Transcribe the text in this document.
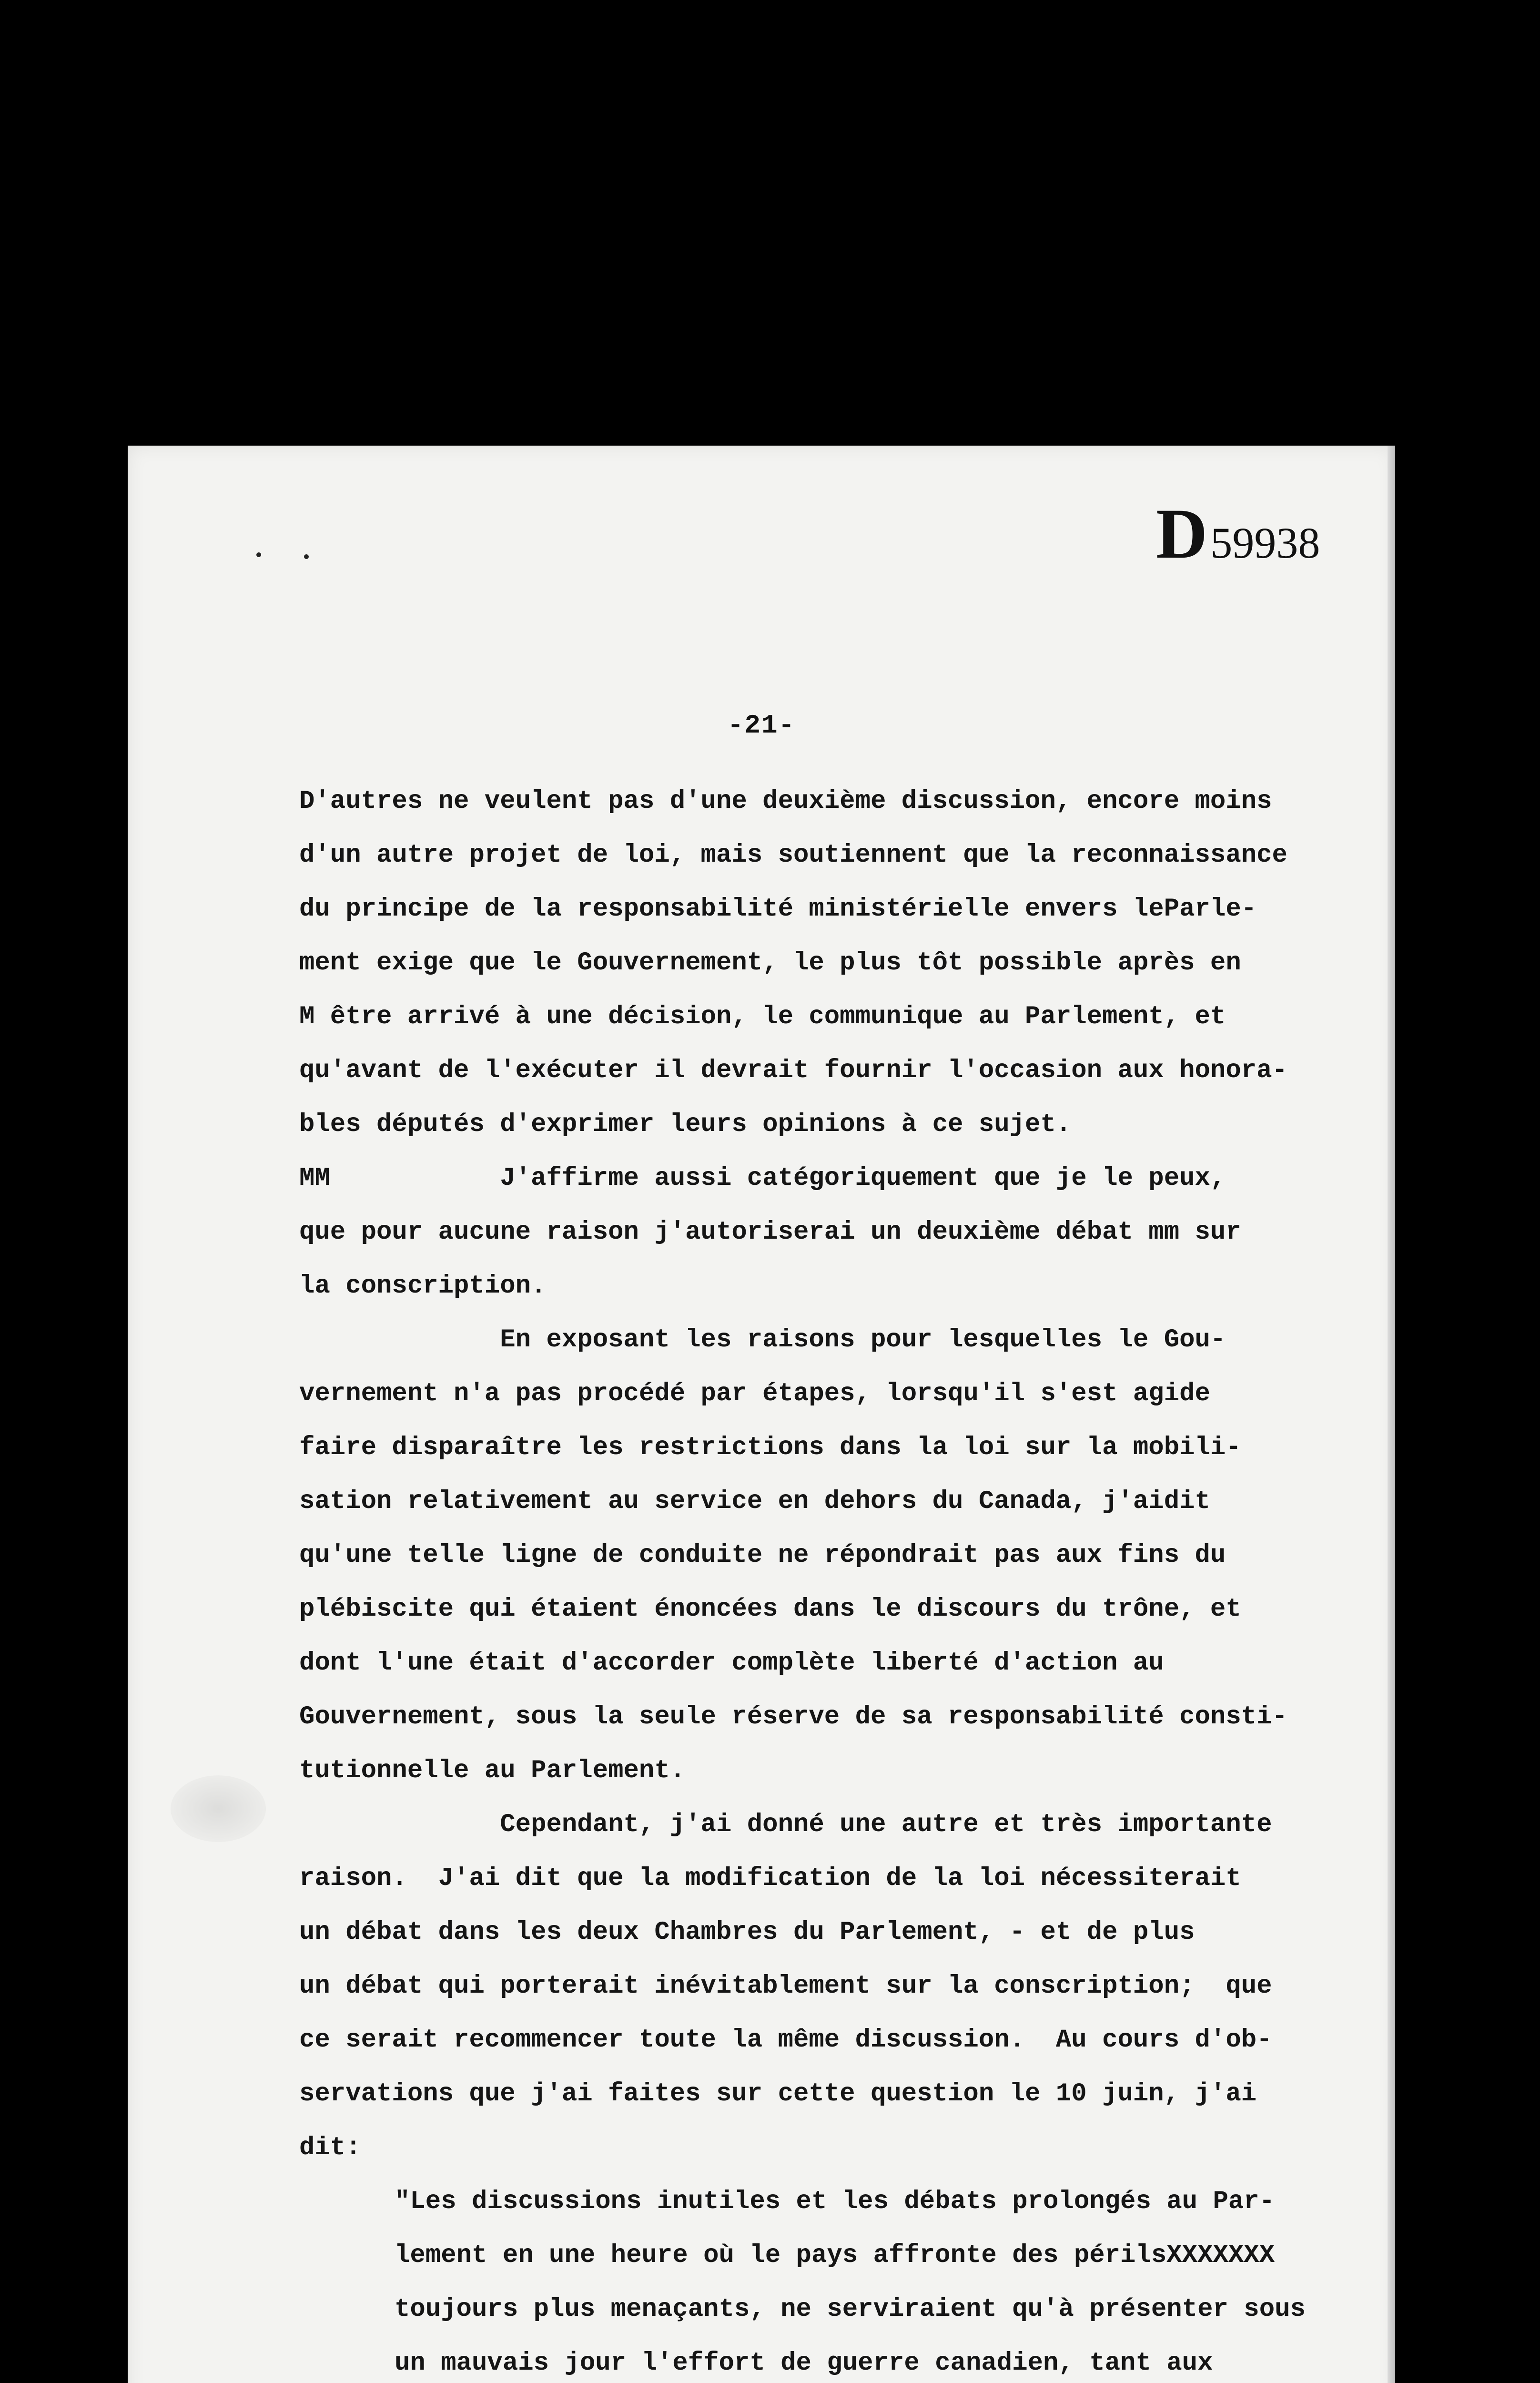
D 59938
-21-
D'autres ne veulent pas d'une deuxième discussion, encore moins
d'un autre projet de loi, mais soutiennent que la reconnaissance
du principe de la responsabilité ministérielle envers leParle-
ment exige que le Gouvernement, le plus tôt possible après en
M être arrivé à une décision, le communique au Parlement, et
qu'avant de l'exécuter il devrait fournir l'occasion aux honora-
bles députés d'exprimer leurs opinions à ce sujet.
MM           J'affirme aussi catégoriquement que je le peux,
que pour aucune raison j'autoriserai un deuxième débat mm sur
la conscription.
En exposant les raisons pour lesquelles le Gou-
vernement n'a pas procédé par étapes, lorsqu'il s'est agide
faire disparaître les restrictions dans la loi sur la mobili-
sation relativement au service en dehors du Canada, j'aidit
qu'une telle ligne de conduite ne répondrait pas aux fins du
plébiscite qui étaient énoncées dans le discours du trône, et
dont l'une était d'accorder complète liberté d'action au
Gouvernement, sous la seule réserve de sa responsabilité consti-
tutionnelle au Parlement.
Cependant, j'ai donné une autre et très importante
raison.  J'ai dit que la modification de la loi nécessiterait
un débat dans les deux Chambres du Parlement, - et de plus
un débat qui porterait inévitablement sur la conscription;  que
ce serait recommencer toute la même discussion.  Au cours d'ob-
servations que j'ai faites sur cette question le 10 juin, j'ai
dit:
"Les discussions inutiles et les débats prolongés au Par-
lement en une heure où le pays affronte des périlsXXXXXXX
toujours plus menaçants, ne serviraient qu'à présenter sous
un mauvais jour l'effort de guerre canadien, tant aux
